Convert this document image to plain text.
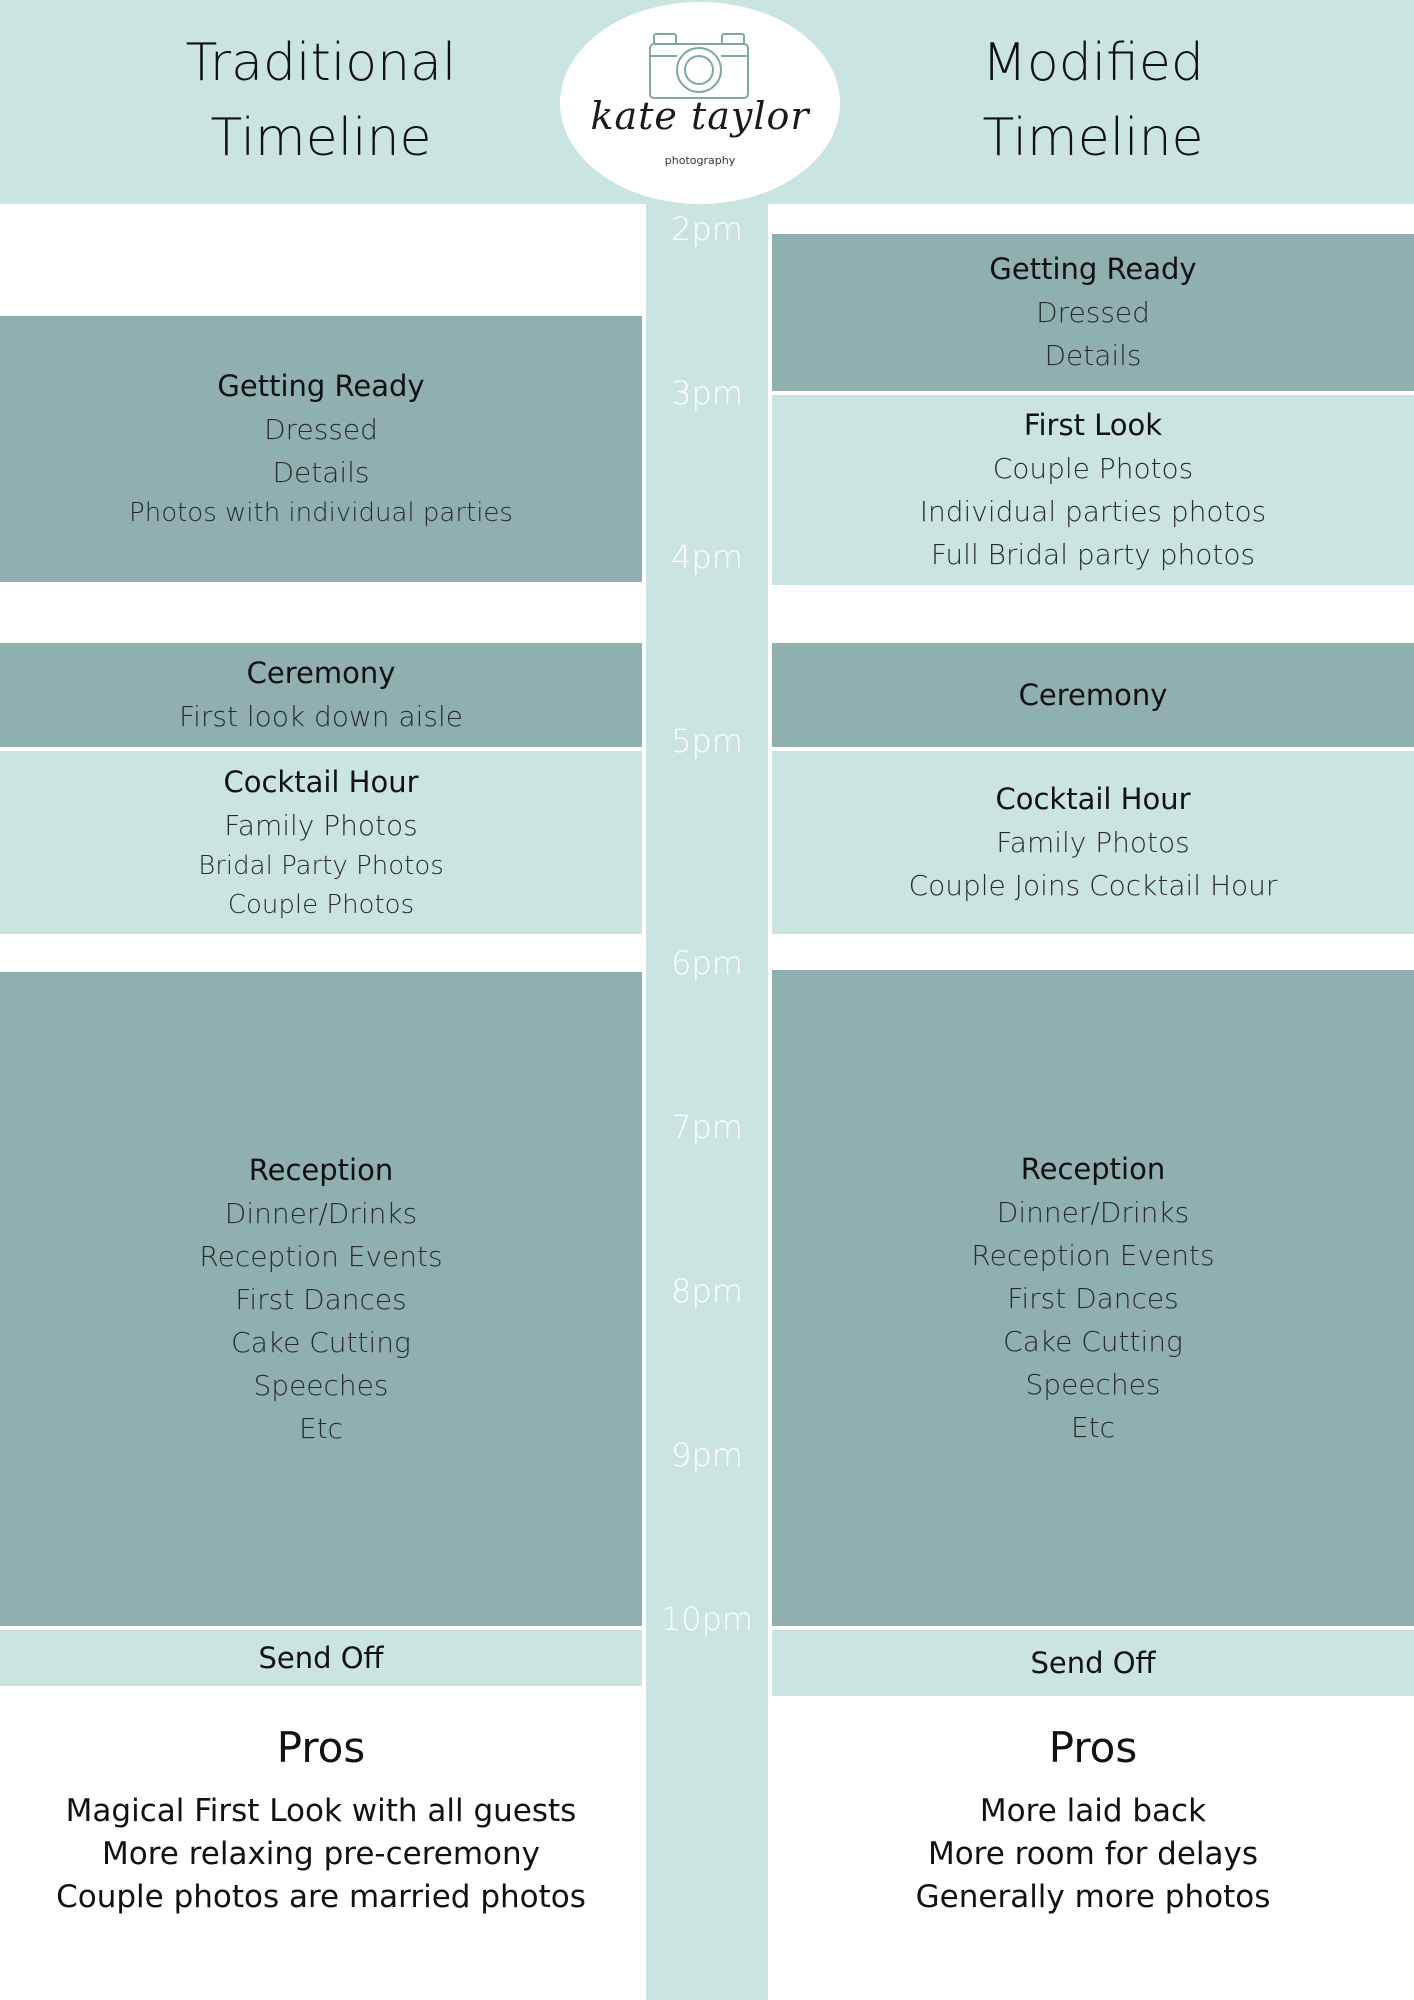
Traditional
Timeline
Modified
Timeline
kate taylor
photography
2pm
3pm
4pm
5pm
6pm
7pm
8pm
9pm
10pm
Getting Ready
Dressed
Details
Photos with individual parties
Ceremony
First look down aisle
Cocktail Hour
Family Photos
Bridal Party Photos
Couple Photos
Reception
Dinner/Drinks
Reception Events
First Dances
Cake Cutting
Speeches
Etc
Send Off
Getting Ready
Dressed
Details
First Look
Couple Photos
Individual parties photos
Full Bridal party photos
Ceremony
Cocktail Hour
Family Photos
Couple Joins Cocktail Hour
Reception
Dinner/Drinks
Reception Events
First Dances
Cake Cutting
Speeches
Etc
Send Off
Pros
Magical First Look with all guests
More relaxing pre-ceremony
Couple photos are married photos
Pros
More laid back
More room for delays
Generally more photos
